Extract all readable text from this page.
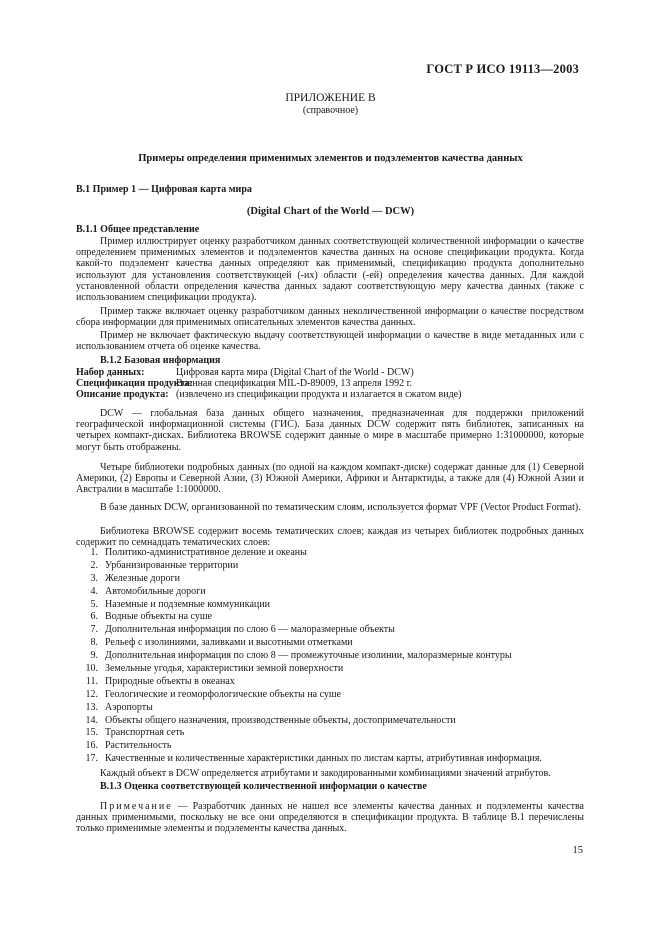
ГОСТ Р ИСО 19113—2003
ПРИЛОЖЕНИЕ В
(справочное)
Примеры определения применимых элементов и подэлементов качества данных
В.1 Пример 1 — Цифровая карта мира
(Digital Chart of the World — DCW)
В.1.1 Общее представление
Пример иллюстрирует оценку разработчиком данных соответствующей количественной информации о качестве определением применимых элементов и подэлементов качества данных на основе спецификации продукта. Когда какой-то подэлемент качества данных определяют как применимый, спецификацию продукта дополнительно используют для установления соответствующей (-их) области (-ей) определения качества данных. Для каждой установленной области определения качества данных задают соответствующую меру качества данных (также с использованием спецификации продукта).
Пример также включает оценку разработчиком данных неколичественной информации о качестве посредством сбора информации для применимых описательных элементов качества данных.
Пример не включает фактическую выдачу соответствующей информации о качестве в виде метаданных или с использованием отчета об оценке качества.
В.1.2 Базовая информация
Набор данных:	Цифровая карта мира (Digital Chart of the World - DCW)
Спецификация продукта:
Военная спецификация MIL-D-89009, 13 апреля 1992 г.
Описание продукта: (извлечено из спецификации продукта и излагается в сжатом виде)
DCW — глобальная база данных общего назначения, предназначенная для поддержки приложений географической информационной системы (ГИС). База данных DCW содержит пять библиотек, записанных на четырех компакт-дисках. Библиотека BROWSE содержит данные о мире в масштабе примерно 1:31000000, которые могут быть отображены.
Четыре библиотеки подробных данных (по одной на каждом компакт-диске) содержат данные для (1) Северной Америки, (2) Европы и Северной Азии, (3) Южной Америки, Африки и Антарктиды, а также для (4) Южной Азии и Австралии в масштабе 1:1000000.
В базе данных DCW, организованной по тематическим слоям, используется формат VPF (Vector Product Format).
Библиотека BROWSE содержит восемь тематических слоев; каждая из четырех библиотек подробных данных содержит по семнадцать тематических слоев:
1. Политико-административное деление и океаны
2. Урбанизированные территории
3. Железные дороги
4. Автомобильные дороги
5. Наземные и подземные коммуникации
6. Водные объекты на суше
7. Дополнительная информация по слою 6 — малоразмерные объекты
8. Рельеф с изолиниями, заливками и высотными отметками
9. Дополнительная информация по слою 8 — промежуточные изолинии, малоразмерные контуры
10. Земельные угодья, характеристики земной поверхности
11. Природные объекты в океанах
12. Геологические и геоморфологические объекты на суше
13. Аэропорты
14. Объекты общего назначения, производственные объекты, достопримечательности
15. Транспортная сеть
16. Растительность
17. Качественные и количественные характеристики данных по листам карты, атрибутивная информация.
Каждый объект в DCW определяется атрибутами и закодированными комбинациями значений атрибутов.
В.1.3 Оценка соответствующей количественной информации о качестве
Примечание — Разработчик данных не нашел все элементы качества данных и подэлементы качества данных применимыми, поскольку не все они определяются в спецификации продукта. В таблице В.1 перечислены только применимые элементы и подэлементы качества данных.
15
